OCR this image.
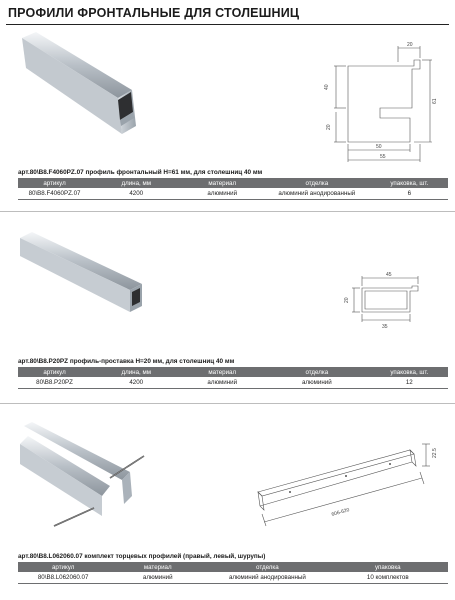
ПРОФИЛИ ФРОНТАЛЬНЫЕ ДЛЯ СТОЛЕШНИЦ
20
40
20
61
50
55
арт.80\B8.F4060PZ.07 профиль фронтальный Н=61 мм, для столешниц 40 мм
артикул	длина, мм	материал	отделка	упаковка, шт.
80\B8.F4060PZ.07	4200	алюминий	алюминий анодированный	6
45
20
35
арт.80\B8.P20PZ профиль-проставка Н=20 мм, для столешниц 40 мм
артикул	длина, мм	материал	отделка	упаковка, шт.
80\B8.P20PZ	4200	алюминий	алюминий	12
606-620
22.5
арт.80\B8.L062060.07 комплект торцевых профилей (правый, левый, шурупы)
артикул	материал	отделка	упаковка
80\B8.L062060.07	алюминий	алюминий анодированный	10 комплектов
